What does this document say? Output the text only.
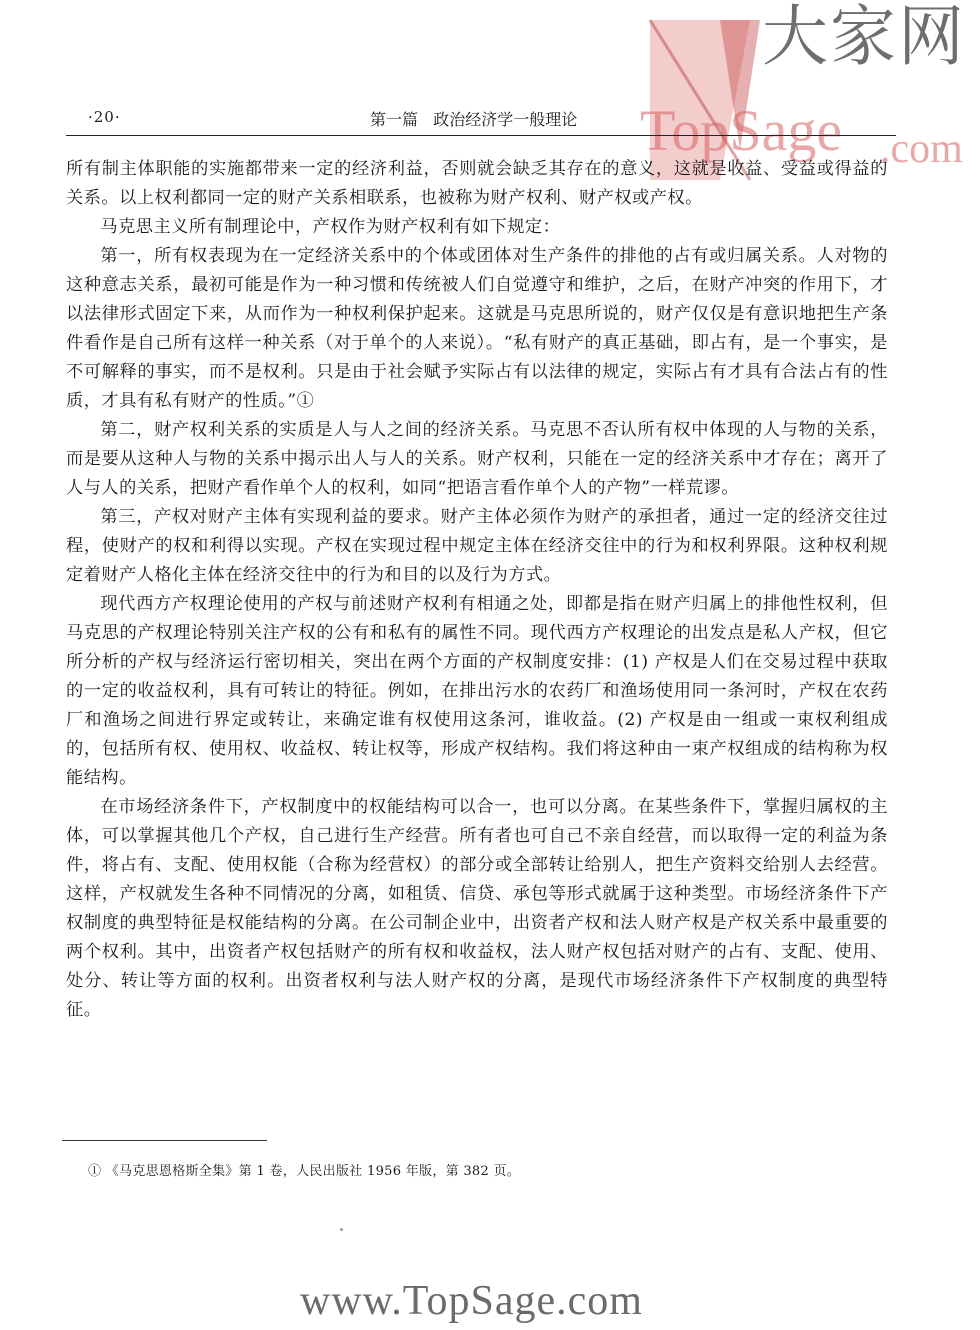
大家网
TopSage .com
·20·	第一篇   政治经济学一般理论

所有制主体职能的实施都带来一定的经济利益，否则就会缺乏其存在的意义，这就是收益、受益或得益的关系。以上权利都同一定的财产关系相联系，也被称为财产权利、财产权或产权。

马克思主义所有制理论中，产权作为财产权利有如下规定：

第一，所有权表现为在一定经济关系中的个体或团体对生产条件的排他的占有或归属关系。人对物的这种意志关系，最初可能是作为一种习惯和传统被人们自觉遵守和维护，之后，在财产冲突的作用下，才以法律形式固定下来，从而作为一种权利保护起来。这就是马克思所说的，财产仅仅是有意识地把生产条件看作是自己所有这样一种关系（对于单个的人来说）。“私有财产的真正基础，即占有，是一个事实，是不可解释的事实，而不是权利。只是由于社会赋予实际占有以法律的规定，实际占有才具有合法占有的性质，才具有私有财产的性质。”①

第二，财产权利关系的实质是人与人之间的经济关系。马克思不否认所有权中体现的人与物的关系，而是要从这种人与物的关系中揭示出人与人的关系。财产权利，只能在一定的经济关系中才存在；离开了人与人的关系，把财产看作单个人的权利，如同“把语言看作单个人的产物”一样荒谬。

第三，产权对财产主体有实现利益的要求。财产主体必须作为财产的承担者，通过一定的经济交往过程，使财产的权和利得以实现。产权在实现过程中规定主体在经济交往中的行为和权利界限。这种权利规定着财产人格化主体在经济交往中的行为和目的以及行为方式。

现代西方产权理论使用的产权与前述财产权利有相通之处，即都是指在财产归属上的排他性权利，但马克思的产权理论特别关注产权的公有和私有的属性不同。现代西方产权理论的出发点是私人产权，但它所分析的产权与经济运行密切相关，突出在两个方面的产权制度安排：(1) 产权是人们在交易过程中获取的一定的收益权利，具有可转让的特征。例如，在排出污水的农药厂和渔场使用同一条河时，产权在农药厂和渔场之间进行界定或转让，来确定谁有权使用这条河，谁收益。(2) 产权是由一组或一束权利组成的，包括所有权、使用权、收益权、转让权等，形成产权结构。我们将这种由一束产权组成的结构称为权能结构。

在市场经济条件下，产权制度中的权能结构可以合一，也可以分离。在某些条件下，掌握归属权的主体，可以掌握其他几个产权，自己进行生产经营。所有者也可自己不亲自经营，而以取得一定的利益为条件，将占有、支配、使用权能（合称为经营权）的部分或全部转让给别人，把生产资料交给别人去经营。这样，产权就发生各种不同情况的分离，如租赁、信贷、承包等形式就属于这种类型。市场经济条件下产权制度的典型特征是权能结构的分离。在公司制企业中，出资者产权和法人财产权是产权关系中最重要的两个权利。其中，出资者产权包括财产的所有权和收益权，法人财产权包括对财产的占有、支配、使用、处分、转让等方面的权利。出资者权利与法人财产权的分离，是现代市场经济条件下产权制度的典型特征。

① 《马克思恩格斯全集》第 1 卷，人民出版社 1956 年版，第 382 页。
www.TopSage.com
